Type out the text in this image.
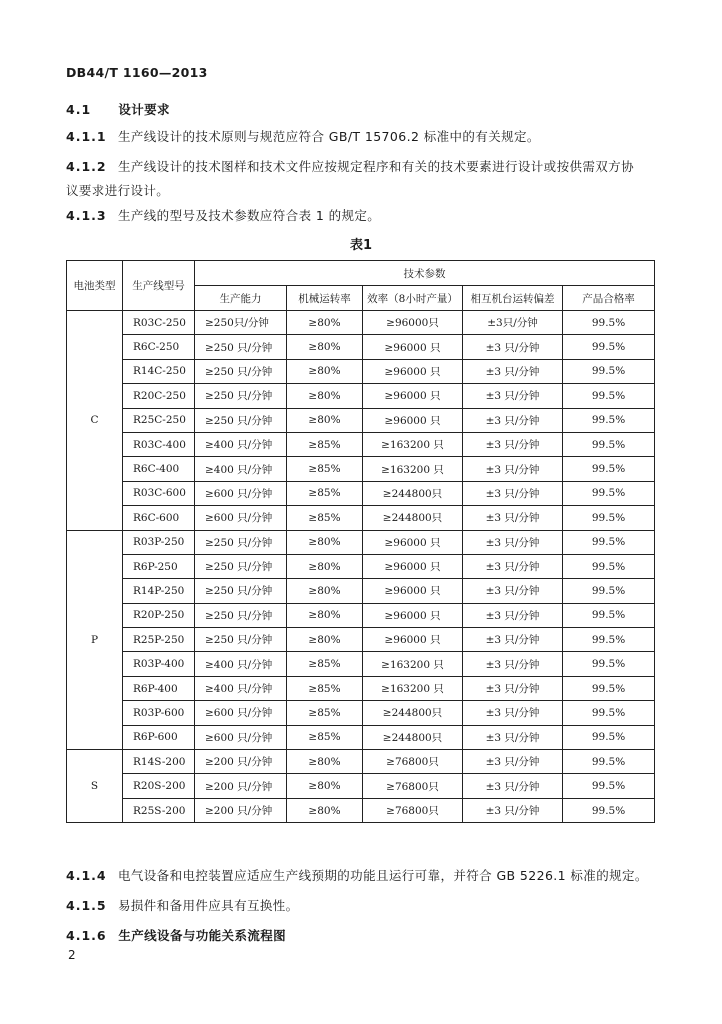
DB44/T 1160—2013
4.1 设计要求
4.1.1 生产线设计的技术原则与规范应符合 GB/T 15706.2 标准中的有关规定。
4.1.2 生产线设计的技术图样和技术文件应按规定程序和有关的技术要素进行设计或按供需双方协
议要求进行设计。
4.1.3 生产线的型号及技术参数应符合表 1 的规定。
表1
电池类型	生产线型号	技术参数				
		生产能力	机械运转率	效率（8小时产量）	相互机台运转偏差	产品合格率
C	R03C-250	≥250只/分钟	≥80%	≥96000只	±3只/分钟	99.5%
	R6C-250	≥250 只/分钟	≥80%	≥96000 只	±3 只/分钟	99.5%
	R14C-250	≥250 只/分钟	≥80%	≥96000 只	±3 只/分钟	99.5%
	R20C-250	≥250 只/分钟	≥80%	≥96000 只	±3 只/分钟	99.5%
	R25C-250	≥250 只/分钟	≥80%	≥96000 只	±3 只/分钟	99.5%
	R03C-400	≥400 只/分钟	≥85%	≥163200 只	±3 只/分钟	99.5%
	R6C-400	≥400 只/分钟	≥85%	≥163200 只	±3 只/分钟	99.5%
	R03C-600	≥600 只/分钟	≥85%	≥244800只	±3 只/分钟	99.5%
	R6C-600	≥600 只/分钟	≥85%	≥244800只	±3 只/分钟	99.5%
P	R03P-250	≥250 只/分钟	≥80%	≥96000 只	±3 只/分钟	99.5%
	R6P-250	≥250 只/分钟	≥80%	≥96000 只	±3 只/分钟	99.5%
	R14P-250	≥250 只/分钟	≥80%	≥96000 只	±3 只/分钟	99.5%
	R20P-250	≥250 只/分钟	≥80%	≥96000 只	±3 只/分钟	99.5%
	R25P-250	≥250 只/分钟	≥80%	≥96000 只	±3 只/分钟	99.5%
	R03P-400	≥400 只/分钟	≥85%	≥163200 只	±3 只/分钟	99.5%
	R6P-400	≥400 只/分钟	≥85%	≥163200 只	±3 只/分钟	99.5%
	R03P-600	≥600 只/分钟	≥85%	≥244800只	±3 只/分钟	99.5%
	R6P-600	≥600 只/分钟	≥85%	≥244800只	±3 只/分钟	99.5%
S	R14S-200	≥200 只/分钟	≥80%	≥76800只	±3 只/分钟	99.5%
	R20S-200	≥200 只/分钟	≥80%	≥76800只	±3 只/分钟	99.5%
	R25S-200	≥200 只/分钟	≥80%	≥76800只	±3 只/分钟	99.5%
4.1.4 电气设备和电控装置应适应生产线预期的功能且运行可靠，并符合 GB 5226.1 标准的规定。
4.1.5 易损件和备用件应具有互换性。
4.1.6 生产线设备与功能关系流程图
2
